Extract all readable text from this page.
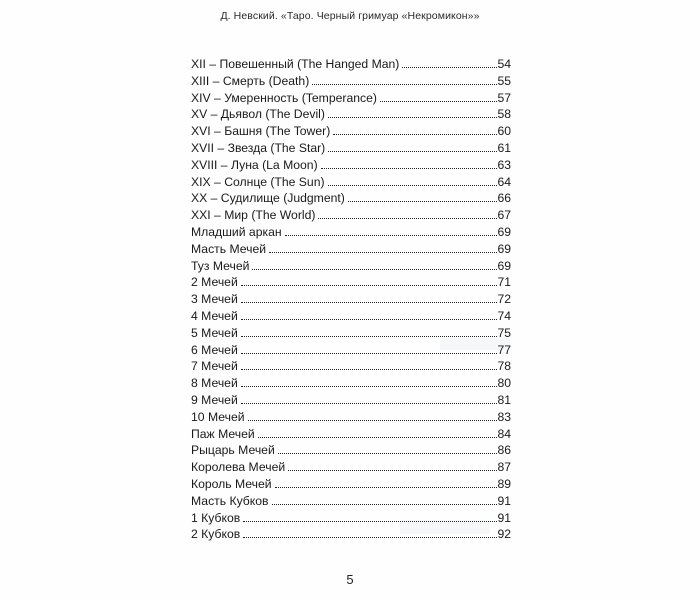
Д. Невский. «Таро. Черный гримуар «Некромикон»»
XII – Повешенный (The Hanged Man)	54
XIII – Смерть (Death)	55
XIV – Умеренность (Temperance)	57
XV – Дьявол (The Devil)	58
XVI – Башня (The Tower)	60
XVII – Звезда (The Star)	61
XVIII – Луна (La Moon)	63
XIX – Солнце (The Sun)	64
XX – Судилище (Judgment)	66
XXI – Мир (The World)	67
Младший аркан	69
Масть Мечей	69
Туз Мечей	69
2 Мечей	71
3 Мечей	72
4 Мечей	74
5 Мечей	75
6 Мечей	77
7 Мечей	78
8 Мечей	80
9 Мечей	81
10 Мечей	83
Паж Мечей	84
Рыцарь Мечей	86
Королева Мечей	87
Король Мечей	89
Масть Кубков	91
1 Кубков	91
2 Кубков	92
5
